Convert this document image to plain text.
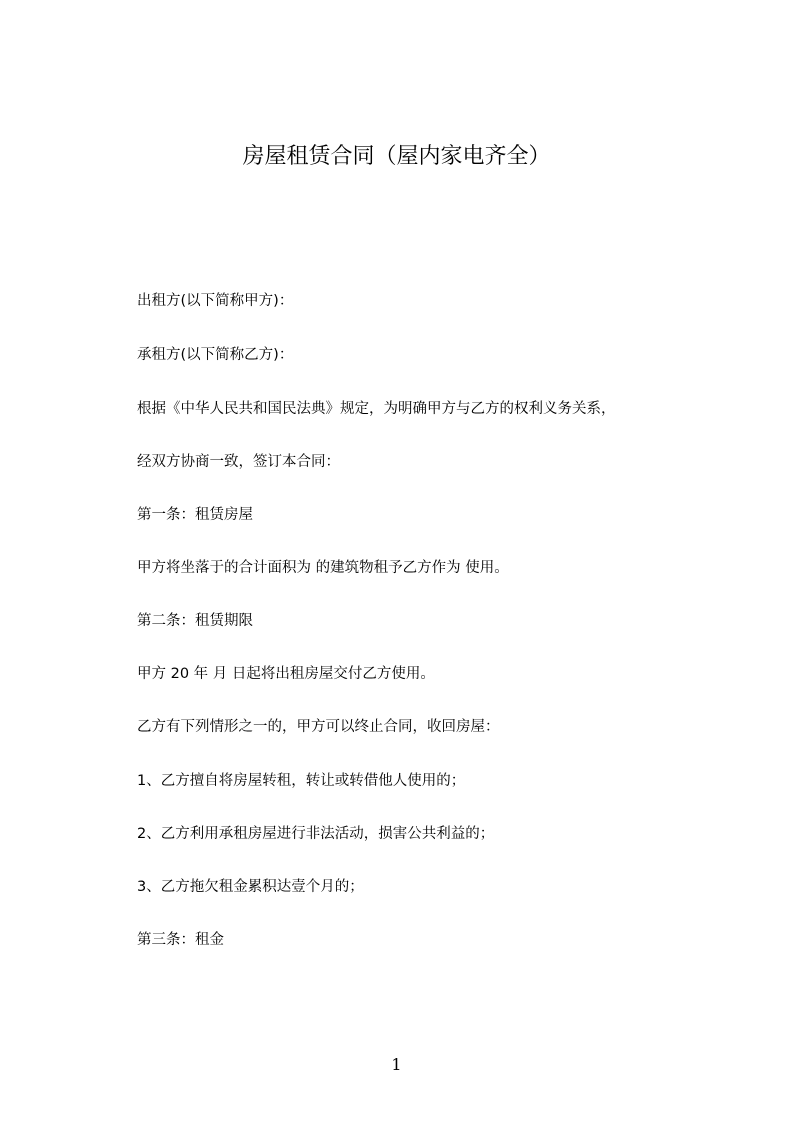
房屋租赁合同（屋内家电齐全）
出租方(以下简称甲方)：
承租方(以下简称乙方)：
根据《中华人民共和国民法典》规定，为明确甲方与乙方的权利义务关系，
经双方协商一致，签订本合同：
第一条：租赁房屋
甲方将坐落于的合计面积为 的建筑物租予乙方作为 使用。
第二条：租赁期限
甲方 20 年 月 日起将出租房屋交付乙方使用。
乙方有下列情形之一的，甲方可以终止合同，收回房屋：
1、乙方擅自将房屋转租，转让或转借他人使用的；
2、乙方利用承租房屋进行非法活动，损害公共利益的；
3、乙方拖欠租金累积达壹个月的；
第三条：租金
1
